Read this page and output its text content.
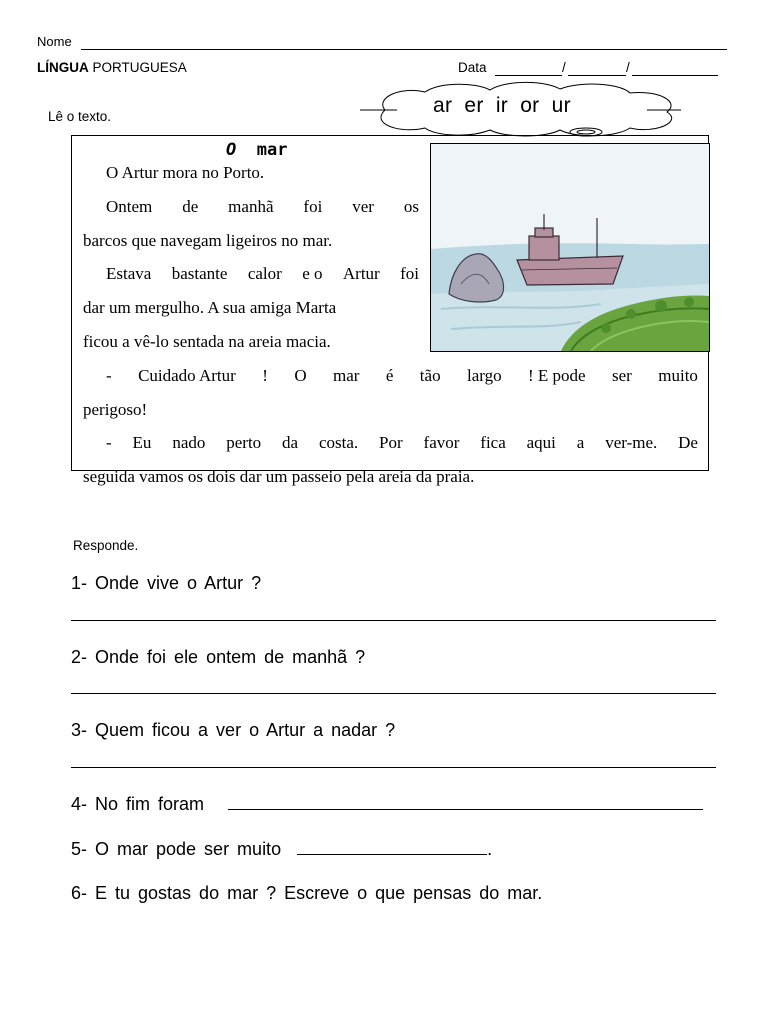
Nome
LÍNGUA PORTUGUESA	Data	/	/
Lê o texto.	ar er ir or ur
O mar
O Artur mora no Porto.
Ontem de manhã foi ver os
barcos que navegam ligeiros no mar.
Estava bastante calor e o Artur foi
dar um mergulho. A sua amiga Marta
ficou a vê-lo sentada na areia macia.
- Cuidado Artur ! O mar é tão largo ! E pode ser muito
perigoso!
- Eu nado perto da costa. Por favor fica aqui a ver-me. De
seguida vamos os dois dar um passeio pela areia da praia.
Responde.
1- Onde vive o Artur ?
2- Onde foi ele ontem de manhã ?
3- Quem ficou a ver o Artur a nadar ?
4- No fim foram
5- O mar pode ser muito	.
6- E tu gostas do mar ? Escreve o que pensas do mar.
